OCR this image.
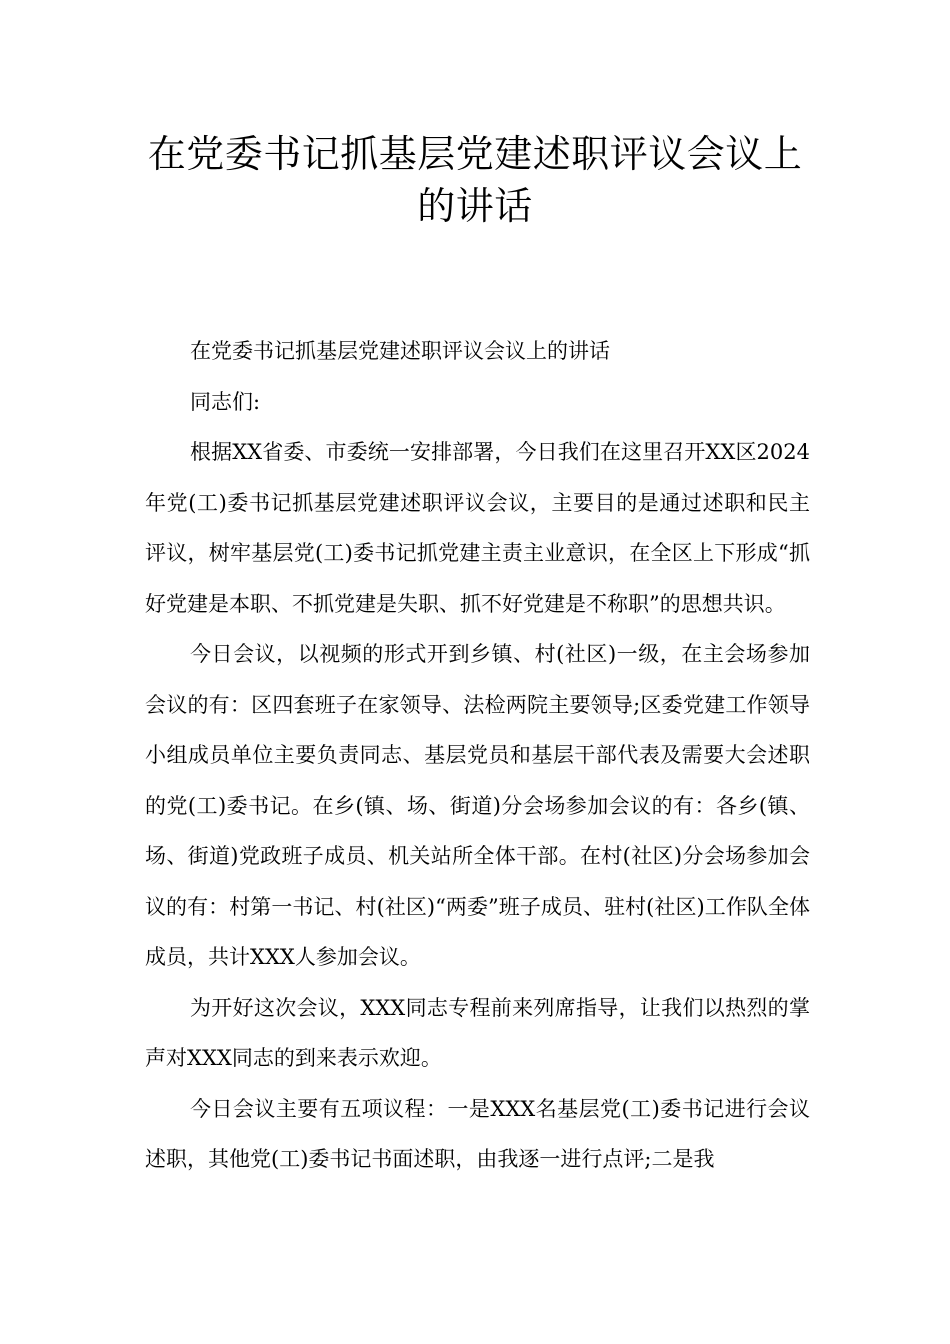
在党委书记抓基层党建述职评议会议上
的讲话

在党委书记抓基层党建述职评议会议上的讲话

同志们:

根据XX省委、市委统一安排部署，今日我们在这里召开XX区2024年党(工)委书记抓基层党建述职评议会议，主要目的是通过述职和民主评议，树牢基层党(工)委书记抓党建主责主业意识，在全区上下形成“抓好党建是本职、不抓党建是失职、抓不好党建是不称职”的思想共识。

今日会议，以视频的形式开到乡镇、村(社区)一级，在主会场参加会议的有：区四套班子在家领导、法检两院主要领导;区委党建工作领导小组成员单位主要负责同志、基层党员和基层干部代表及需要大会述职的党(工)委书记。在乡(镇、场、街道)分会场参加会议的有：各乡(镇、场、街道)党政班子成员、机关站所全体干部。在村(社区)分会场参加会议的有：村第一书记、村(社区)“两委”班子成员、驻村(社区)工作队全体成员，共计XXX人参加会议。

为开好这次会议，XXX同志专程前来列席指导，让我们以热烈的掌声对XXX同志的到来表示欢迎。

今日会议主要有五项议程：一是XXX名基层党(工)委书记进行会议述职，其他党(工)委书记书面述职，由我逐一进行点评;二是我
